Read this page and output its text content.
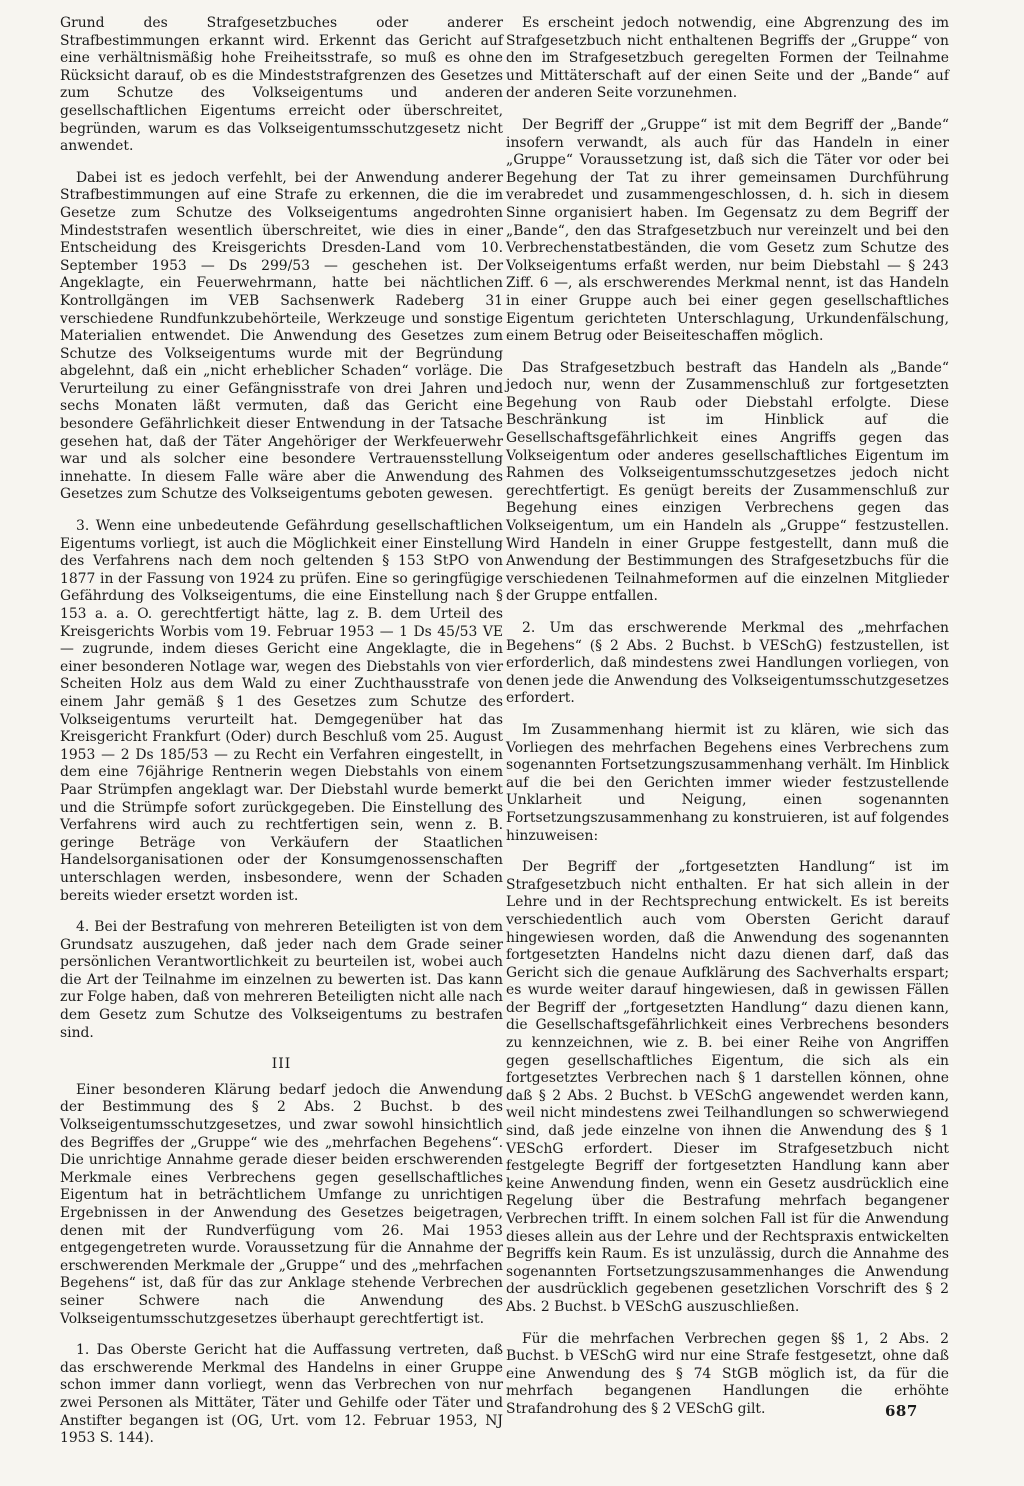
Grund des Strafgesetzbuches oder anderer Strafbestimmungen erkannt wird. Erkennt das Gericht auf eine verhältnismäßig hohe Freiheitsstrafe, so muß es ohne Rücksicht darauf, ob es die Mindeststrafgrenzen des Gesetzes zum Schutze des Volkseigentums und anderen gesellschaftlichen Eigentums erreicht oder überschreitet, begründen, warum es das Volkseigentumsschutzgesetz nicht anwendet.

Dabei ist es jedoch verfehlt, bei der Anwendung anderer Strafbestimmungen auf eine Strafe zu erkennen, die die im Gesetze zum Schutze des Volkseigentums angedrohten Mindeststrafen wesentlich überschreitet, wie dies in einer Entscheidung des Kreisgerichts Dresden-Land vom 10. September 1953 — Ds 299/53 — geschehen ist. Der Angeklagte, ein Feuerwehrmann, hatte bei nächtlichen Kontrollgängen im VEB Sachsenwerk Radeberg 31 verschiedene Rundfunkzubehörteile, Werkzeuge und sonstige Materialien entwendet. Die Anwendung des Gesetzes zum Schutze des Volkseigentums wurde mit der Begründung abgelehnt, daß ein „nicht erheblicher Schaden“ vorläge. Die Verurteilung zu einer Gefängnisstrafe von drei Jahren und sechs Monaten läßt vermuten, daß das Gericht eine besondere Gefährlichkeit dieser Entwendung in der Tatsache gesehen hat, daß der Täter Angehöriger der Werkfeuerwehr war und als solcher eine besondere Vertrauensstellung innehatte. In diesem Falle wäre aber die Anwendung des Gesetzes zum Schutze des Volkseigentums geboten gewesen.

3. Wenn eine unbedeutende Gefährdung gesellschaftlichen Eigentums vorliegt, ist auch die Möglichkeit einer Einstellung des Verfahrens nach dem noch geltenden § 153 StPO von 1877 in der Fassung von 1924 zu prüfen. Eine so geringfügige Gefährdung des Volkseigentums, die eine Einstellung nach § 153 a. a. O. gerechtfertigt hätte, lag z. B. dem Urteil des Kreisgerichts Worbis vom 19. Februar 1953 — 1 Ds 45/53 VE — zugrunde, indem dieses Gericht eine Angeklagte, die in einer besonderen Notlage war, wegen des Diebstahls von vier Scheiten Holz aus dem Wald zu einer Zuchthausstrafe von einem Jahr gemäß § 1 des Gesetzes zum Schutze des Volkseigentums verurteilt hat. Demgegenüber hat das Kreisgericht Frankfurt (Oder) durch Beschluß vom 25. August 1953 — 2 Ds 185/53 — zu Recht ein Verfahren eingestellt, in dem eine 76jährige Rentnerin wegen Diebstahls von einem Paar Strümpfen angeklagt war. Der Diebstahl wurde bemerkt und die Strümpfe sofort zurückgegeben. Die Einstellung des Verfahrens wird auch zu rechtfertigen sein, wenn z. B. geringe Beträge von Verkäufern der Staatlichen Handelsorganisationen oder der Konsumgenossenschaften unterschlagen werden, insbesondere, wenn der Schaden bereits wieder ersetzt worden ist.

4. Bei der Bestrafung von mehreren Beteiligten ist von dem Grundsatz auszugehen, daß jeder nach dem Grade seiner persönlichen Verantwortlichkeit zu beurteilen ist, wobei auch die Art der Teilnahme im einzelnen zu bewerten ist. Das kann zur Folge haben, daß von mehreren Beteiligten nicht alle nach dem Gesetz zum Schutze des Volkseigentums zu bestrafen sind.

III

Einer besonderen Klärung bedarf jedoch die Anwendung der Bestimmung des § 2 Abs. 2 Buchst. b des Volkseigentumsschutzgesetzes, und zwar sowohl hinsichtlich des Begriffes der „Gruppe“ wie des „mehrfachen Begehens“. Die unrichtige Annahme gerade dieser beiden erschwerenden Merkmale eines Verbrechens gegen gesellschaftliches Eigentum hat in beträchtlichem Umfange zu unrichtigen Ergebnissen in der Anwendung des Gesetzes beigetragen, denen mit der Rundverfügung vom 26. Mai 1953 entgegengetreten wurde. Voraussetzung für die Annahme der erschwerenden Merkmale der „Gruppe“ und des „mehrfachen Begehens“ ist, daß für das zur Anklage stehende Verbrechen seiner Schwere nach die Anwendung des Volkseigentumsschutzgesetzes überhaupt gerechtfertigt ist.

1. Das Oberste Gericht hat die Auffassung vertreten, daß das erschwerende Merkmal des Handelns in einer Gruppe schon immer dann vorliegt, wenn das Verbrechen von nur zwei Personen als Mittäter, Täter und Gehilfe oder Täter und Anstifter begangen ist (OG, Urt. vom 12. Februar 1953, NJ 1953 S. 144).

Es erscheint jedoch notwendig, eine Abgrenzung des im Strafgesetzbuch nicht enthaltenen Begriffs der „Gruppe“ von den im Strafgesetzbuch geregelten Formen der Teilnahme und Mittäterschaft auf der einen Seite und der „Bande“ auf der anderen Seite vorzunehmen.

Der Begriff der „Gruppe“ ist mit dem Begriff der „Bande“ insofern verwandt, als auch für das Handeln in einer „Gruppe“ Voraussetzung ist, daß sich die Täter vor oder bei Begehung der Tat zu ihrer gemeinsamen Durchführung verabredet und zusammengeschlossen, d. h. sich in diesem Sinne organisiert haben. Im Gegensatz zu dem Begriff der „Bande“, den das Strafgesetzbuch nur vereinzelt und bei den Verbrechenstatbeständen, die vom Gesetz zum Schutze des Volkseigentums erfaßt werden, nur beim Diebstahl — § 243 Ziff. 6 —, als erschwerendes Merkmal nennt, ist das Handeln in einer Gruppe auch bei einer gegen gesellschaftliches Eigentum gerichteten Unterschlagung, Urkundenfälschung, einem Betrug oder Beiseiteschaffen möglich.

Das Strafgesetzbuch bestraft das Handeln als „Bande“ jedoch nur, wenn der Zusammenschluß zur fortgesetzten Begehung von Raub oder Diebstahl erfolgte. Diese Beschränkung ist im Hinblick auf die Gesellschaftsgefährlichkeit eines Angriffs gegen das Volkseigentum oder anderes gesellschaftliches Eigentum im Rahmen des Volkseigentumsschutzgesetzes jedoch nicht gerechtfertigt. Es genügt bereits der Zusammenschluß zur Begehung eines einzigen Verbrechens gegen das Volkseigentum, um ein Handeln als „Gruppe“ festzustellen. Wird Handeln in einer Gruppe festgestellt, dann muß die Anwendung der Bestimmungen des Strafgesetzbuchs für die verschiedenen Teilnahmeformen auf die einzelnen Mitglieder der Gruppe entfallen.

2. Um das erschwerende Merkmal des „mehrfachen Begehens“ (§ 2 Abs. 2 Buchst. b VESchG) festzustellen, ist erforderlich, daß mindestens zwei Handlungen vorliegen, von denen jede die Anwendung des Volkseigentumsschutzgesetzes erfordert.

Im Zusammenhang hiermit ist zu klären, wie sich das Vorliegen des mehrfachen Begehens eines Verbrechens zum sogenannten Fortsetzungszusammenhang verhält. Im Hinblick auf die bei den Gerichten immer wieder festzustellende Unklarheit und Neigung, einen sogenannten Fortsetzungszusammenhang zu konstruieren, ist auf folgendes hinzuweisen:

Der Begriff der „fortgesetzten Handlung“ ist im Strafgesetzbuch nicht enthalten. Er hat sich allein in der Lehre und in der Rechtsprechung entwickelt. Es ist bereits verschiedentlich auch vom Obersten Gericht darauf hingewiesen worden, daß die Anwendung des sogenannten fortgesetzten Handelns nicht dazu dienen darf, daß das Gericht sich die genaue Aufklärung des Sachverhalts erspart; es wurde weiter darauf hingewiesen, daß in gewissen Fällen der Begriff der „fortgesetzten Handlung“ dazu dienen kann, die Gesellschaftsgefährlichkeit eines Verbrechens besonders zu kennzeichnen, wie z. B. bei einer Reihe von Angriffen gegen gesellschaftliches Eigentum, die sich als ein fortgesetztes Verbrechen nach § 1 darstellen können, ohne daß § 2 Abs. 2 Buchst. b VESchG angewendet werden kann, weil nicht mindestens zwei Teilhandlungen so schwerwiegend sind, daß jede einzelne von ihnen die Anwendung des § 1 VESchG erfordert. Dieser im Strafgesetzbuch nicht festgelegte Begriff der fortgesetzten Handlung kann aber keine Anwendung finden, wenn ein Gesetz ausdrücklich eine Regelung über die Bestrafung mehrfach begangener Verbrechen trifft. In einem solchen Fall ist für die Anwendung dieses allein aus der Lehre und der Rechtspraxis entwickelten Begriffs kein Raum. Es ist unzulässig, durch die Annahme des sogenannten Fortsetzungszusammenhanges die Anwendung der ausdrücklich gegebenen gesetzlichen Vorschrift des § 2 Abs. 2 Buchst. b VESchG auszuschließen.

Für die mehrfachen Verbrechen gegen §§ 1, 2 Abs. 2 Buchst. b VESchG wird nur eine Strafe festgesetzt, ohne daß eine Anwendung des § 74 StGB möglich ist, da für die mehrfach begangenen Handlungen die erhöhte Strafandrohung des § 2 VESchG gilt.	687
